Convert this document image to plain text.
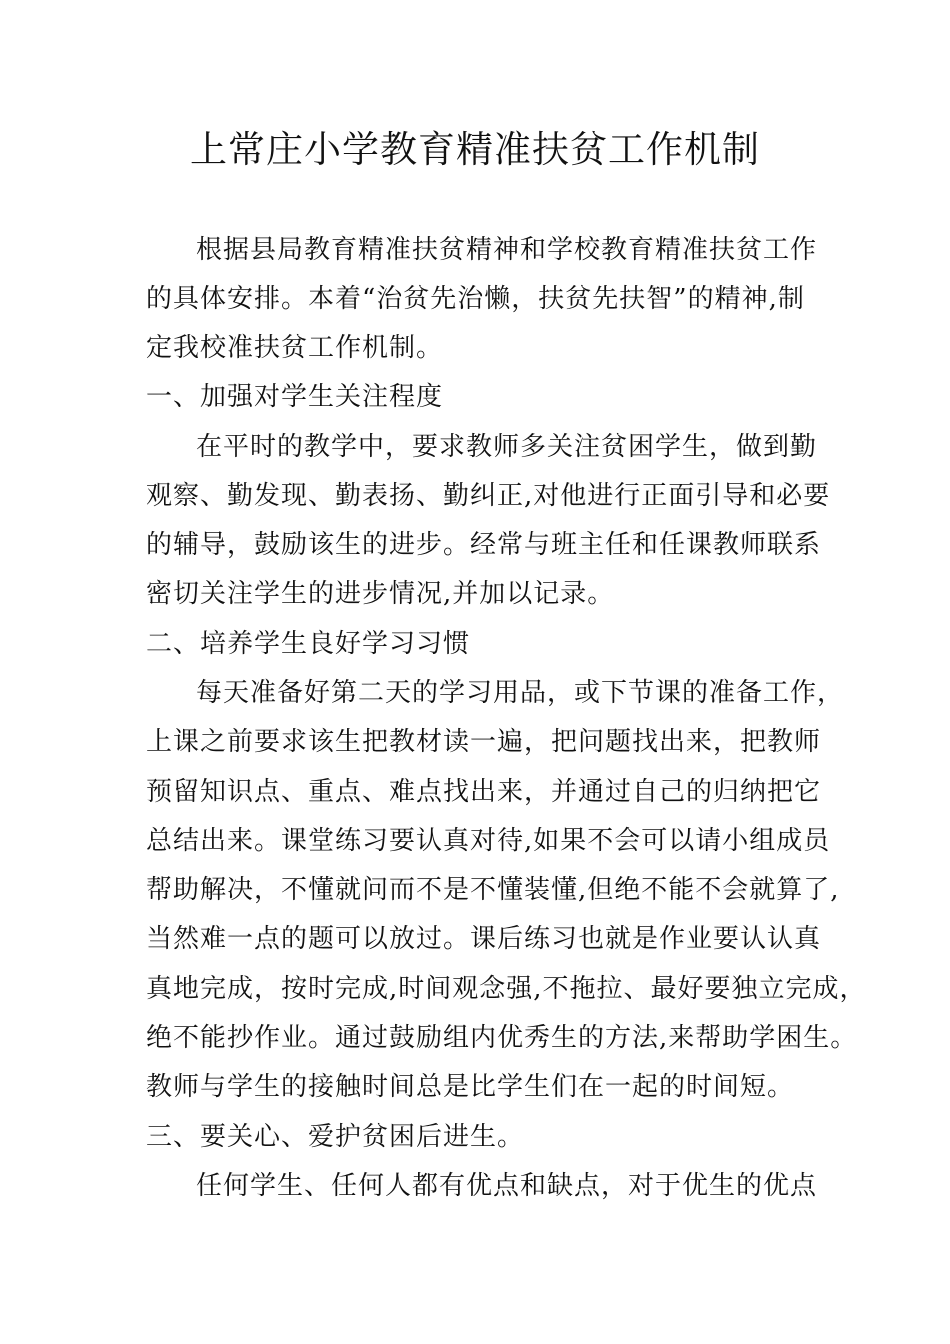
上常庄小学教育精准扶贫工作机制
根据县局教育精准扶贫精神和学校教育精准扶贫工作
的具体安排。本着“治贫先治懒，扶贫先扶智”的精神,制
定我校准扶贫工作机制。
一、加强对学生关注程度
在平时的教学中，要求教师多关注贫困学生，做到勤
观察、勤发现、勤表扬、勤纠正,对他进行正面引导和必要
的辅导，鼓励该生的进步。经常与班主任和任课教师联系
密切关注学生的进步情况,并加以记录。
二、培养学生良好学习习惯
每天准备好第二天的学习用品，或下节课的准备工作，
上课之前要求该生把教材读一遍，把问题找出来，把教师
预留知识点、重点、难点找出来，并通过自己的归纳把它
总结出来。课堂练习要认真对待,如果不会可以请小组成员
帮助解决，不懂就问而不是不懂装懂,但绝不能不会就算了,
当然难一点的题可以放过。课后练习也就是作业要认认真
真地完成，按时完成,时间观念强,不拖拉、最好要独立完成，
绝不能抄作业。通过鼓励组内优秀生的方法,来帮助学困生。
教师与学生的接触时间总是比学生们在一起的时间短。
三、要关心、爱护贫困后进生。
任何学生、任何人都有优点和缺点，对于优生的优点
